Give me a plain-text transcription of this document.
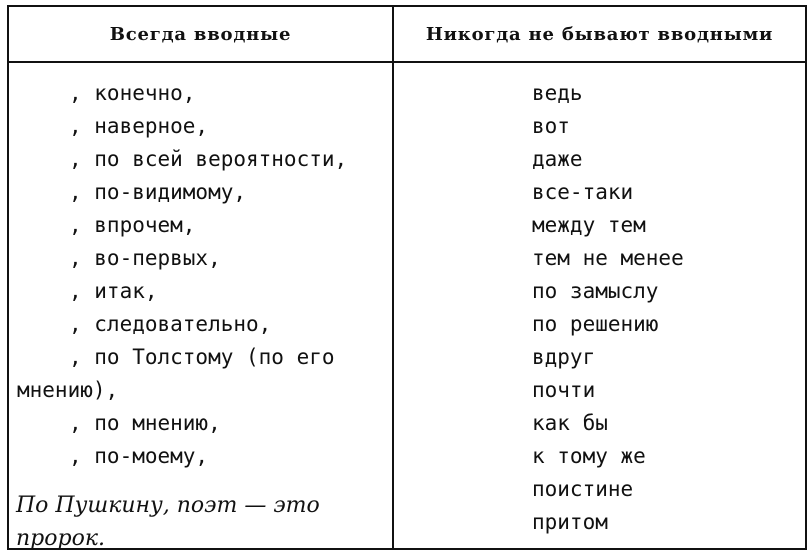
Всегда вводные	Никогда не бывают вводными
, конечно,
, наверное,
, по всей вероятности,
, по-видимому,
, впрочем,
, во-первых,
, итак,
, следовательно,
, по Толстому (по его
мнению),
, по мнению,
, по-моему,
По Пушкину, поэт — это
пророк.
ведь
вот
даже
все-таки
между тем
тем не менее
по замыслу
по решению
вдруг
почти
как бы
к тому же
поистине
притом
